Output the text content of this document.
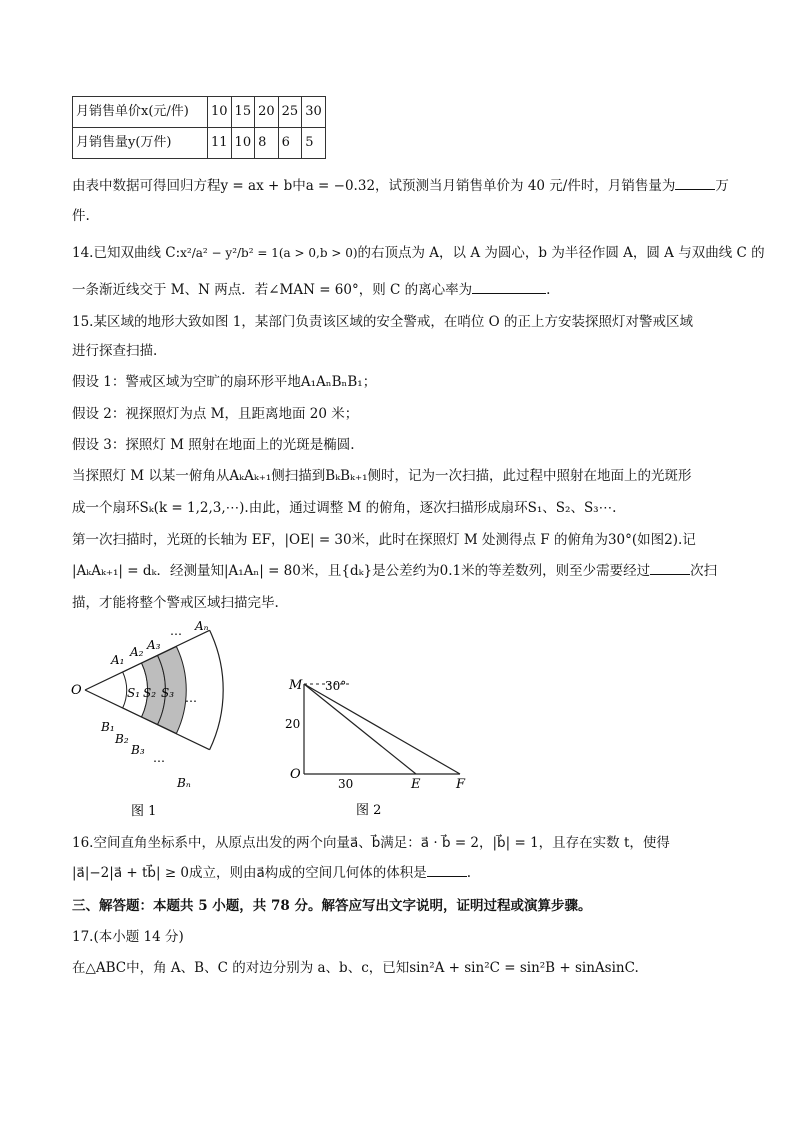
月销售单价x(元/件)	10	15	20	25	30
月销售量y(万件)	11	10	8	6	5
由表中数据可得回归方程y = ax + b中a = −0.32，试预测当月销售单价为 40 元/件时，月销售量为	万
件.
14.已知双曲线 C:x²/a² − y²/b² = 1(a > 0,b > 0)的右顶点为 A，以 A 为圆心，b 为半径作圆 A，圆 A 与双曲线 C 的
一条渐近线交于 M、N 两点．若∠MAN = 60°，则 C 的离心率为	.
15.某区域的地形大致如图 1，某部门负责该区域的安全警戒，在哨位 O 的正上方安装探照灯对警戒区域
进行探查扫描.
假设 1：警戒区域为空旷的扇环形平地A₁AₙBₙB₁；
假设 2：视探照灯为点 M，且距离地面 20 米；
假设 3：探照灯 M 照射在地面上的光斑是椭圆.
当探照灯 M 以某一俯角从AₖAₖ₊₁侧扫描到BₖBₖ₊₁侧时，记为一次扫描，此过程中照射在地面上的光斑形
成一个扇环Sₖ(k = 1,2,3,⋯).由此，通过调整 M 的俯角，逐次扫描形成扇环S₁、S₂、S₃⋯.
第一次扫描时，光斑的长轴为 EF，|OE| = 30米，此时在探照灯 M 处测得点 F 的俯角为30°(如图2).记
|AₖAₖ₊₁| = dₖ．经测量知|A₁Aₙ| = 80米，且{dₖ}是公差约为0.1米的等差数列，则至少需要经过	次扫
描，才能将整个警戒区域扫描完毕.
O
A₁
A₂ A₃
⋯
Aₙ
S₁ S₂ S₃
⋯
B₁
B₂
B₃
⋯
Bₙ
图 1
M 30°
20
O
30	E	F
图 2
16.空间直角坐标系中，从原点出发的两个向量a⃗、b⃗满足：a⃗ · b⃗ = 2，|b⃗| = 1，且存在实数 t，使得
|a⃗|−2|a⃗ + tb⃗| ≥ 0成立，则由a⃗构成的空间几何体的体积是	.
三、解答题：本题共 5 小题，共 78 分。解答应写出文字说明，证明过程或演算步骤。
17.(本小题 14 分)
在△ABC中，角 A、B、C 的对边分别为 a、b、c，已知sin²A + sin²C = sin²B + sinAsinC.
